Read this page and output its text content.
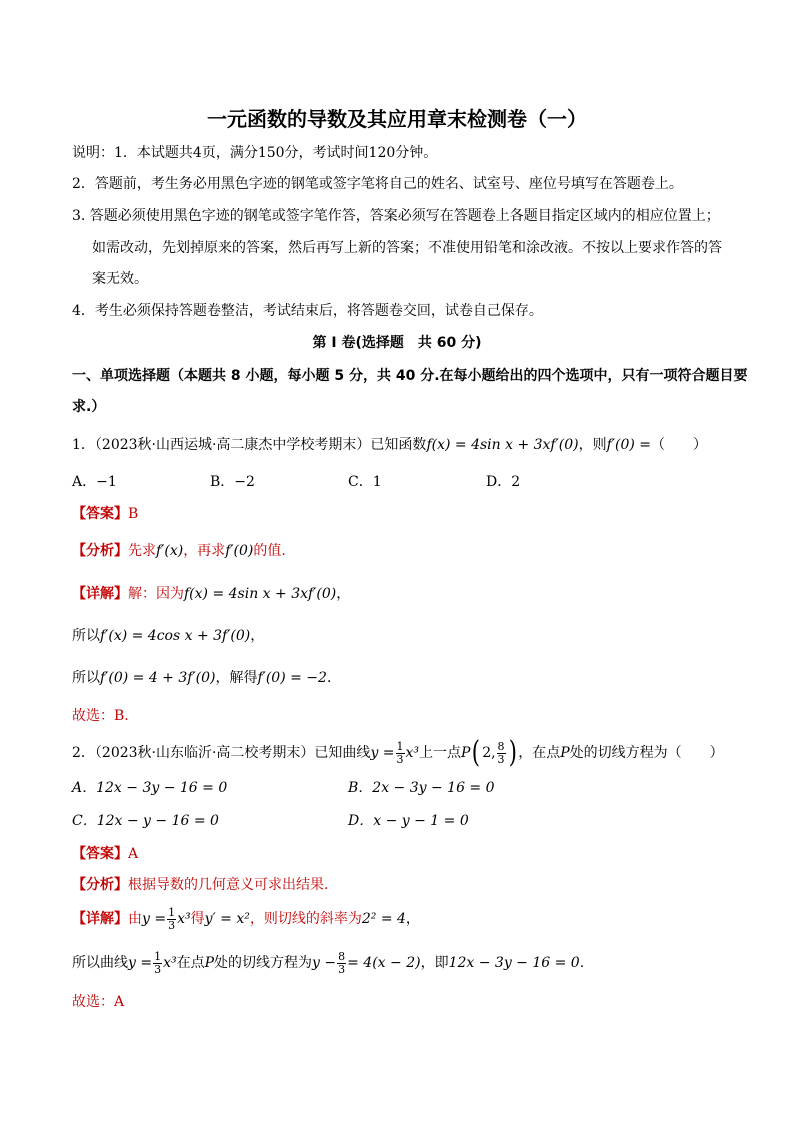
一元函数的导数及其应用章末检测卷（一）
说明：1．本试题共4页，满分150分，考试时间120分钟。
2．答题前，考生务必用黑色字迹的钢笔或签字笔将自己的姓名、试室号、座位号填写在答题卷上。
3. 答题必须使用黑色字迹的钢笔或签字笔作答，答案必须写在答题卷上各题目指定区域内的相应位置上；
如需改动，先划掉原来的答案，然后再写上新的答案；不准使用铅笔和涂改液。不按以上要求作答的答
案无效。
4．考生必须保持答题卷整洁，考试结束后，将答题卷交回，试卷自己保存。
第 I 卷(选择题　共 60 分)
一、单项选择题（本题共 8 小题，每小题 5 分，共 40 分.在每小题给出的四个选项中，只有一项符合题目要
求.）
1．（2023秋·山西运城·高二康杰中学校考期末）已知函数f(x) = 4sin x + 3xf′(0)，则f′(0) =（　　）
A．−1	B．−2	C．1	D．2
【答案】B
【分析】先求f′(x)，再求f′(0)的值.
【详解】解：因为f(x) = 4sin x + 3xf′(0)，
所以f′(x) = 4cos x + 3f′(0)，
所以f′(0) = 4 + 3f′(0)，解得f′(0) = −2．
故选：B.
2．（2023秋·山东临沂·高二校考期末）已知曲线$y = \frac{1}{3} x^3$上一点P( 2, $\frac{8}{3}$ ) ，在点P处的切线方程为（　　）
A．12x − 3y − 16 = 0	B．2x − 3y − 16 = 0
C．12x − y − 16 = 0	D．x − y − 1 = 0
【答案】A
【分析】根据导数的几何意义可求出结果.
【详解】由$y = \frac{1}{3} x^3$得y′ = x²，则切线的斜率为2² = 4，
所以曲线$y = \frac{1}{3} x^3$在点P处的切线方程为$y - \frac{8}{3} = 4(x - 2)$，即12x − 3y − 16 = 0.
故选：A
